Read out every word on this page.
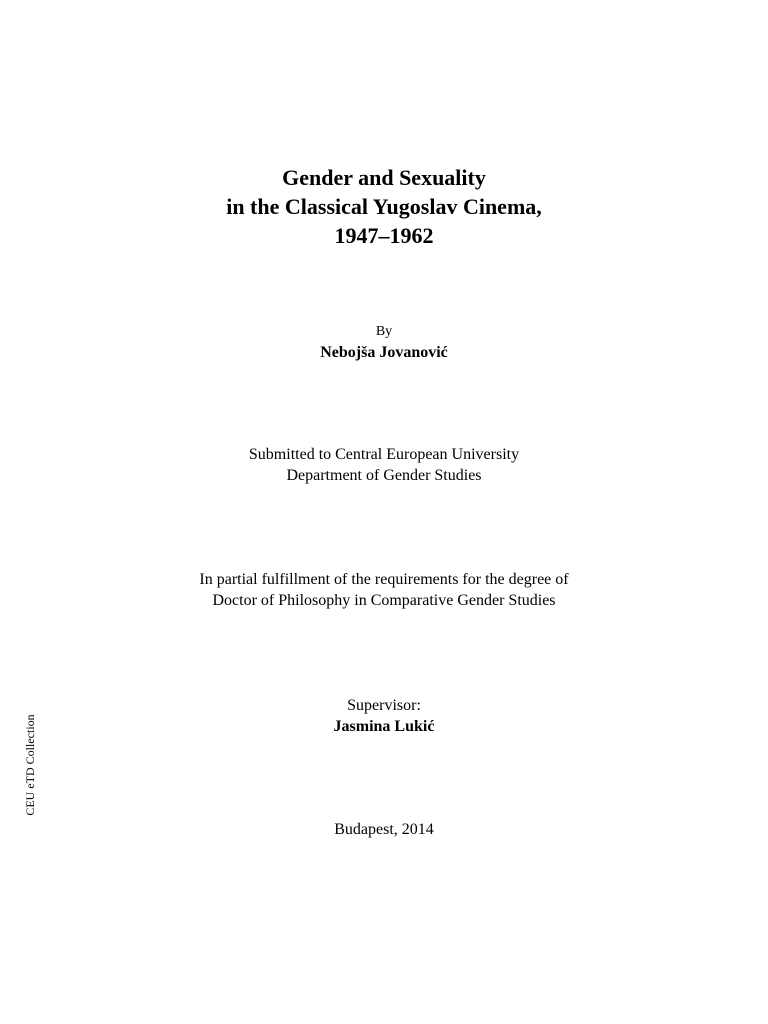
Gender and Sexuality
in the Classical Yugoslav Cinema,
1947–1962
By
Nebojša Jovanović
Submitted to Central European University
Department of Gender Studies
In partial fulfillment of the requirements for the degree of
Doctor of Philosophy in Comparative Gender Studies
Supervisor:
Jasmina Lukić
Budapest, 2014
CEU eTD Collection
